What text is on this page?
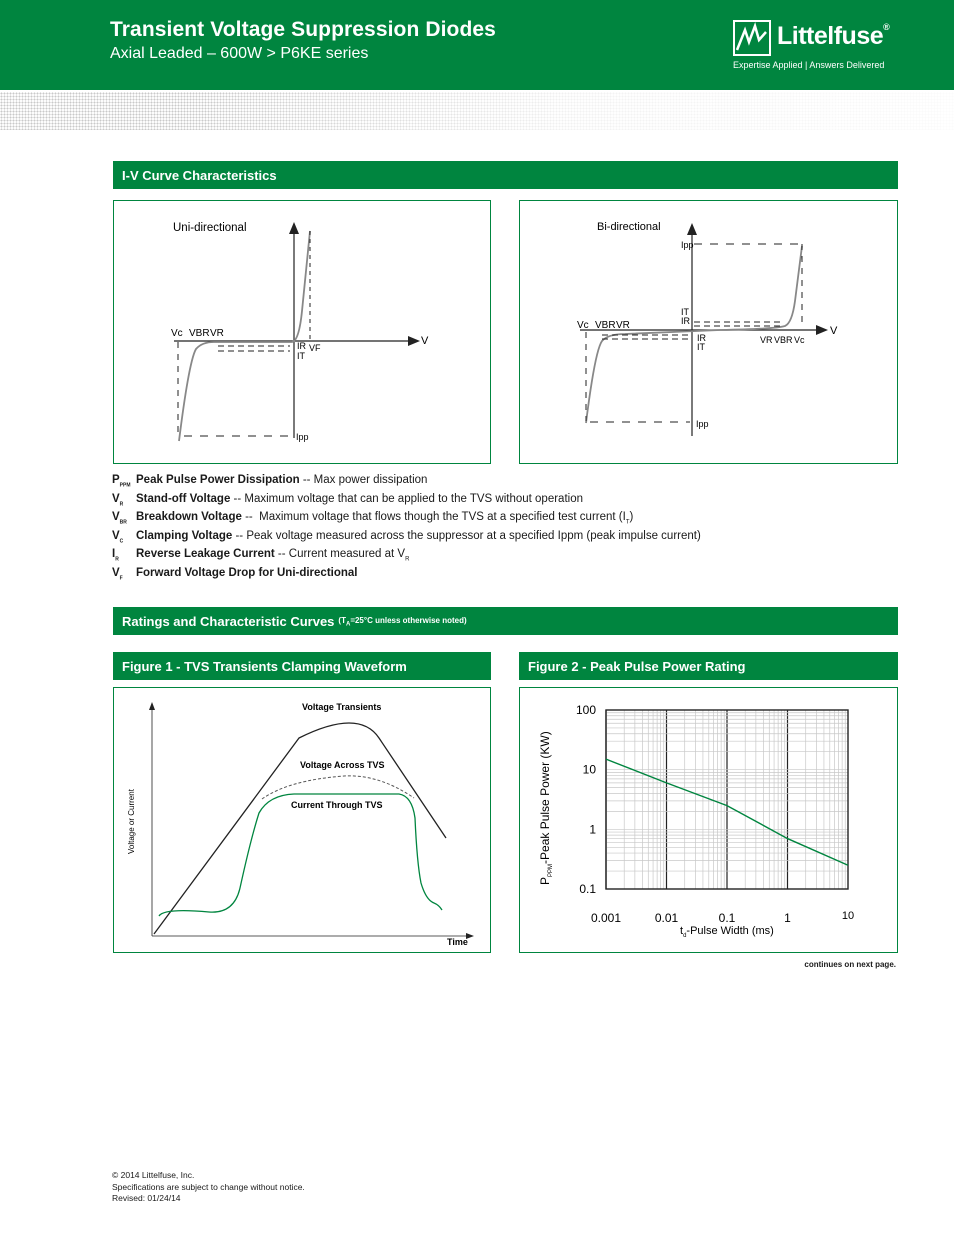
Transient Voltage Suppression Diodes
Axial Leaded – 600W > P6KE series
Littelfuse®
Expertise Applied | Answers Delivered
I-V Curve Characteristics
Uni-directional
Vc VBR VR
V
IR
IT
VF
Ipp
Bi-directional
Ipp
IT
IR
Vc VBR VR	V
IR
IT
VR VBR Vc
Ipp
$P_{PPM}$ Peak Pulse Power Dissipation -- Max power dissipation
$V_R$	Stand-off Voltage -- Maximum voltage that can be applied to the TVS without operation
$V_{BR}$ Breakdown Voltage --  Maximum voltage that flows though the TVS at a specified test current $(I_T)$
$V_C$	Clamping Voltage -- Peak voltage measured across the suppressor at a specified Ippm (peak impulse current)
$I_R$	Reverse Leakage Current -- Current measured at $V_R$
$V_F$	Forward Voltage Drop for Uni-directional
Ratings and Characteristic Curves ($T_A=25^\circ C$ unless otherwise noted)
Figure 1 - TVS Transients Clamping Waveform	Figure 2 - Peak Pulse Power Rating
Voltage Transients
Voltage Across TVS
Current Through TVS
Voltage or Current
Time
0.001	0.01	0.1	1	10
100
10
1
0.1
$P_{PPM}$-Peak Pulse Power (KW)
$t_d$-Pulse Width (ms)
continues on next page.
© 2014 Littelfuse, Inc.
Specifications are subject to change without notice.
Revised: 01/24/14
